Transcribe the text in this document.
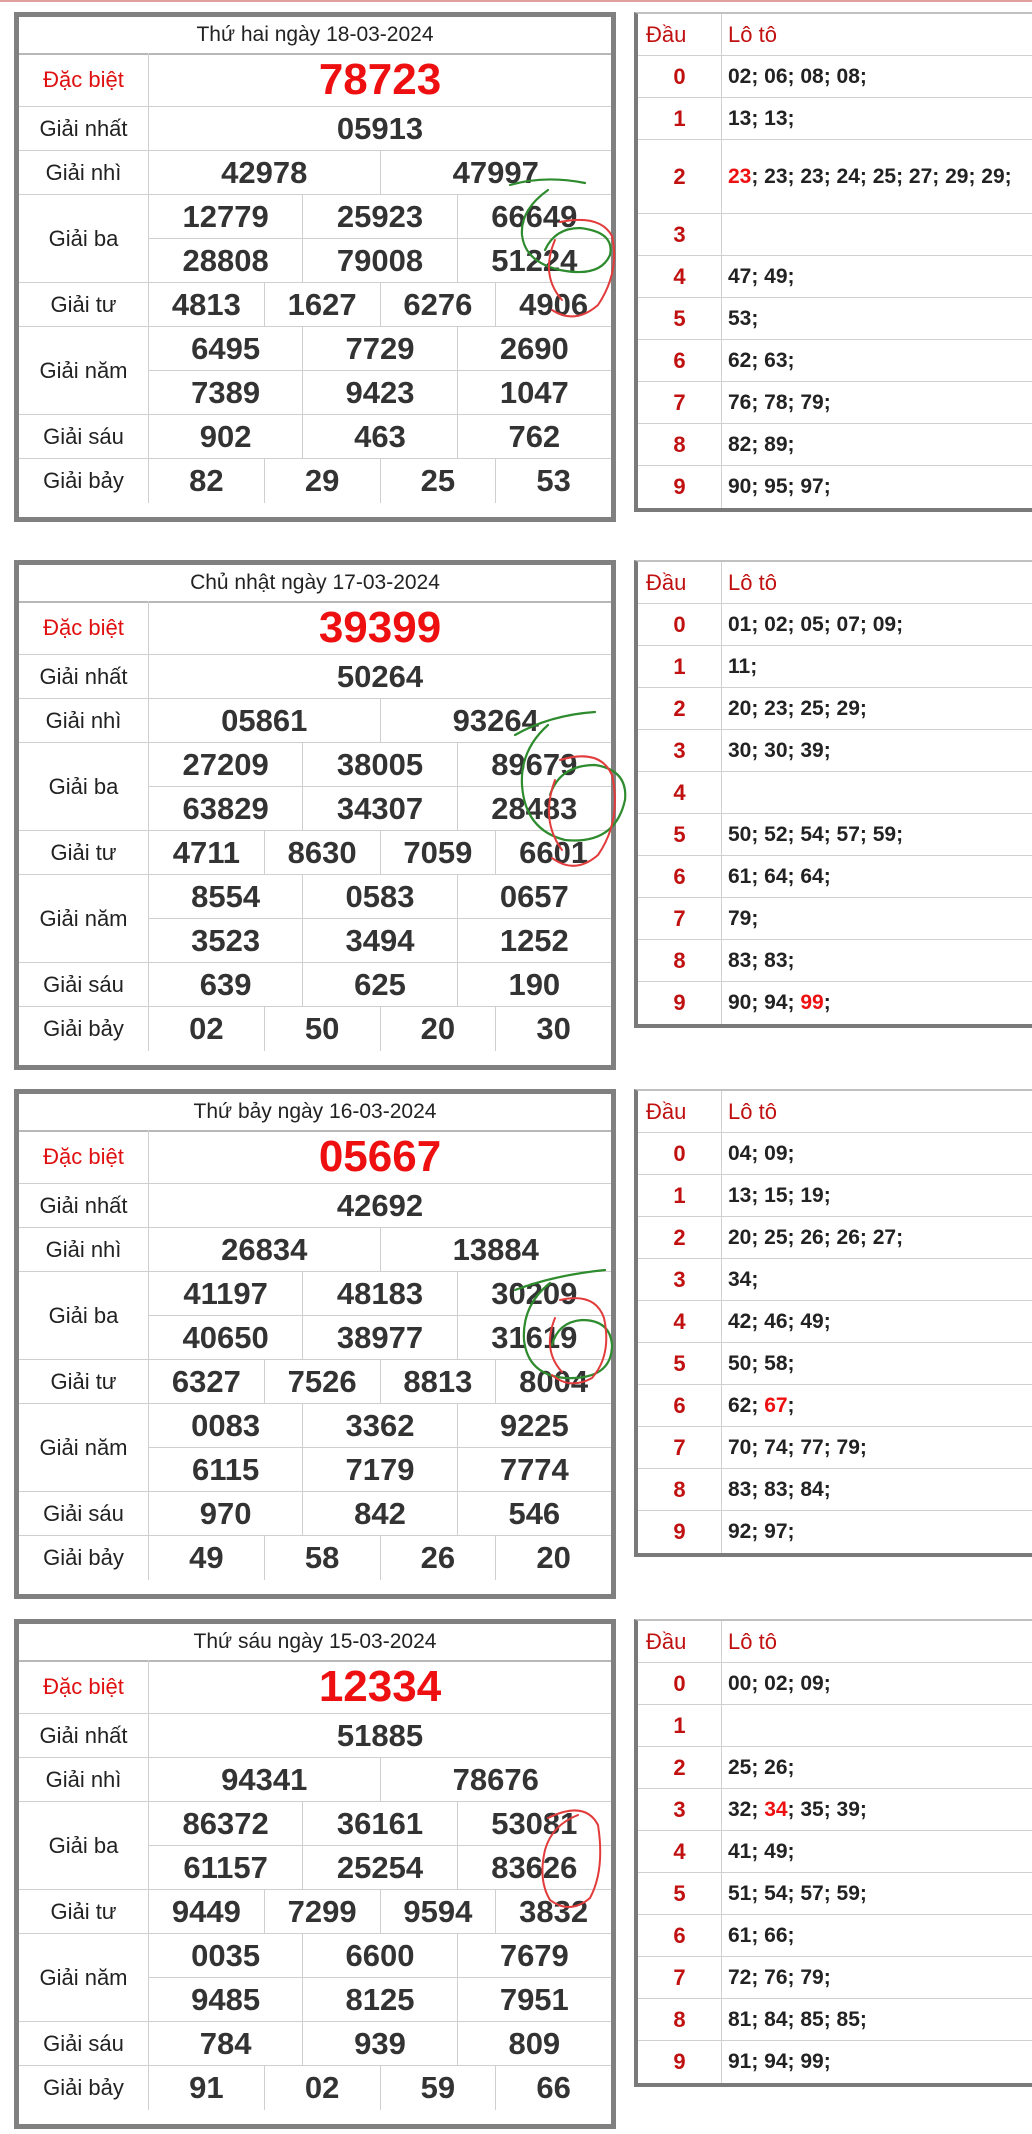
Thứ hai ngày 18-03-2024
Đặc biệt	78723
Giải nhất	05913
Giải nhì	42978	47997
Giải ba
12779	25923	66649
28808	79008	51224
Giải tư	4813	1627	6276	4906
Giải năm
6495	7729	2690
7389	9423	1047
Giải sáu	902	463	762
Giải bảy	82	29	25	53
Đầu	Lô tô
0	02; 06; 08; 08;
1	13; 13;
2	23; 23; 23; 24; 25; 27; 29; 29;
3
4	47; 49;
5	53;
6	62; 63;
7	76; 78; 79;
8	82; 89;
9	90; 95; 97;
Chủ nhật ngày 17-03-2024
Đặc biệt	39399
Giải nhất	50264
Giải nhì	05861	93264
Giải ba
27209	38005	89679
63829	34307	28483
Giải tư	4711	8630	7059	6601
Giải năm
8554	0583	0657
3523	3494	1252
Giải sáu	639	625	190
Giải bảy	02	50	20	30
Đầu	Lô tô
0	01; 02; 05; 07; 09;
1	11;
2	20; 23; 25; 29;
3	30; 30; 39;
4
5	50; 52; 54; 57; 59;
6	61; 64; 64;
7	79;
8	83; 83;
9	90; 94; 99;
Thứ bảy ngày 16-03-2024
Đặc biệt	05667
Giải nhất	42692
Giải nhì	26834	13884
Giải ba
41197	48183	30209
40650	38977	31619
Giải tư	6327	7526	8813	8004
Giải năm
0083	3362	9225
6115	7179	7774
Giải sáu	970	842	546
Giải bảy	49	58	26	20
Đầu	Lô tô
0	04; 09;
1	13; 15; 19;
2	20; 25; 26; 26; 27;
3	34;
4	42; 46; 49;
5	50; 58;
6	62; 67;
7	70; 74; 77; 79;
8	83; 83; 84;
9	92; 97;
Thứ sáu ngày 15-03-2024
Đặc biệt	12334
Giải nhất	51885
Giải nhì	94341	78676
Giải ba
86372	36161	53081
61157	25254	83626
Giải tư	9449	7299	9594	3832
Giải năm
0035	6600	7679
9485	8125	7951
Giải sáu	784	939	809
Giải bảy	91	02	59	66
Đầu	Lô tô
0	00; 02; 09;
1
2	25; 26;
3	32; 34; 35; 39;
4	41; 49;
5	51; 54; 57; 59;
6	61; 66;
7	72; 76; 79;
8	81; 84; 85; 85;
9	91; 94; 99;
